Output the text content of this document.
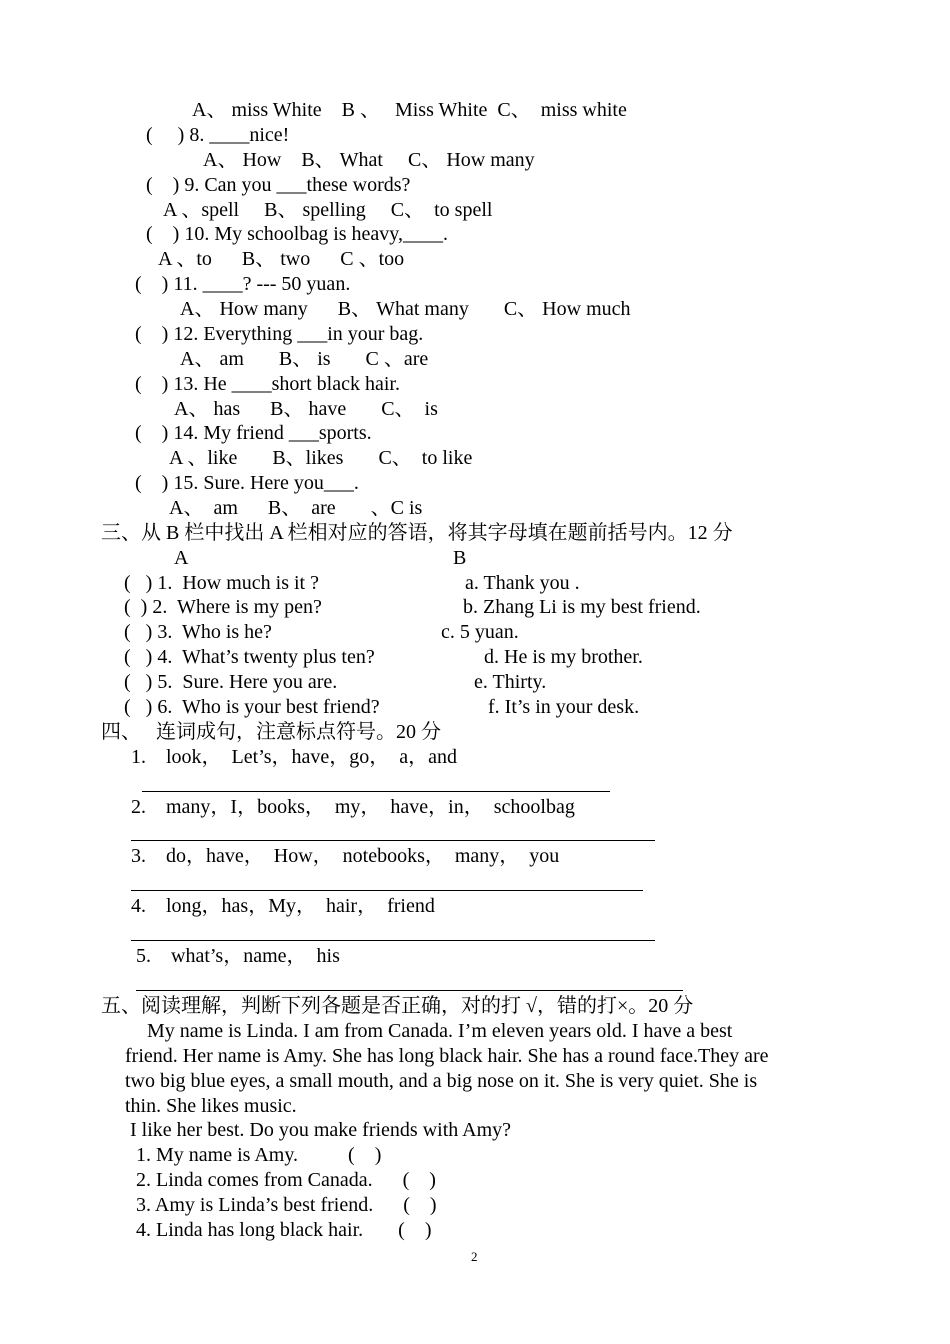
A、 miss White    B 、   Miss White  C、  miss white
(     ) 8. ____nice!
A、 How    B、 What     C、 How many
(    ) 9. Can you ___these words?
A 、spell     B、 spelling     C、  to spell
(    ) 10. My schoolbag is heavy,____.
A 、to      B、 two      C 、too
(    ) 11. ____? --- 50 yuan.
A、 How many      B、 What many       C、 How much
(    ) 12. Everything ___in your bag.
A、 am       B、 is       C 、are
(    ) 13. He ____short black hair.
A、 has      B、 have       C、  is
(    ) 14. My friend ___sports.
A 、like       B、likes       C、  to like
(    ) 15. Sure. Here you___.
A、  am      B、  are       、C is
三、从 B 栏中找出 A 栏相对应的答语，将其字母填在题前括号内。12 分
A	B
(   ) 1.  How much is it ?	a. Thank you .
(  ) 2.  Where is my pen?	b. Zhang Li is my best friend.
(   ) 3.  Who is he?	c. 5 yuan.
(   ) 4.  What’s twenty plus ten?	d. He is my brother.
(   ) 5.  Sure. Here you are.	e. Thirty.
(   ) 6.  Who is your best friend?	f. It’s in your desk.
四、   连词成句，注意标点符号。20 分
1.    look，  Let’s，have，go，  a，and
2.    many，I，books，  my，  have，in，  schoolbag
3.    do，have，  How，  notebooks，  many，  you
4.    long，has，My，  hair，  friend
5.    what’s，name，  his
五、阅读理解，判断下列各题是否正确，对的打 √，错的打×。20 分
My name is Linda. I am from Canada. I’m eleven years old. I have a best
friend. Her name is Amy. She has long black hair. She has a round face.They are
two big blue eyes, a small mouth, and a big nose on it. She is very quiet. She is
thin. She likes music.
I like her best. Do you make friends with Amy?
1. My name is Amy.          (    )
2. Linda comes from Canada.      (    )
3. Amy is Linda’s best friend.      (    )
4. Linda has long black hair.       (    )
2
